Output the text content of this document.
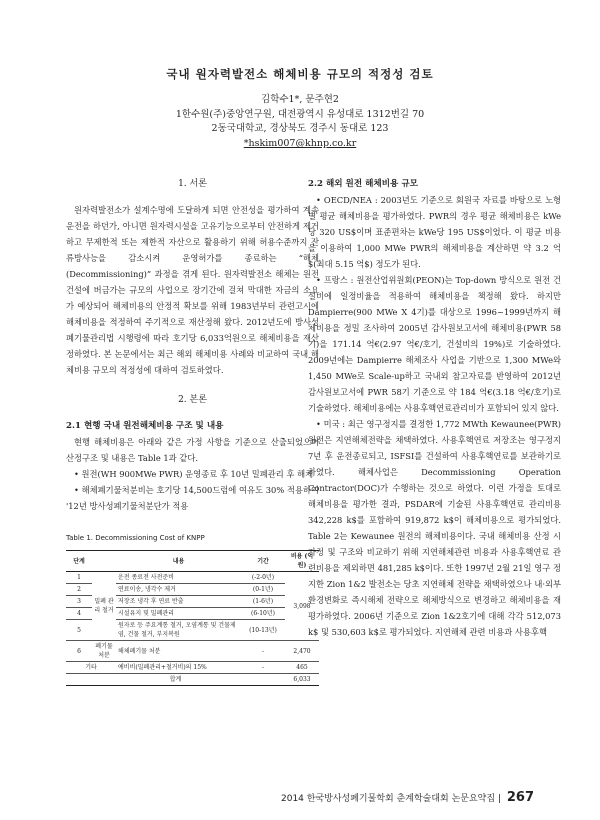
국내 원자력발전소 해체비용 규모의 적정성 검토
김학수1*, 문주현2
1한수원(주)중앙연구원, 대전광역시 유성대로 1312번길 70
2동국대학교, 경상북도 경주시 동대로 123
*hskim007@khnp.co.kr
1. 서론

원자력발전소가 설계수명에 도달하게 되면 안전성을 평가하여 계속운전을 하던가, 아니면 원자력시설을 고유기능으로부터 안전하게 제거하고 무제한적 또는 제한적 자산으로 활용하기 위해 허용수준까지 잔류방사능을 감소시켜 운영허가를 종료하는 “해체(Decommissioning)” 과정을 겪게 된다. 원자력발전소 해체는 원전건설에 버금가는 규모의 사업으로 장기간에 걸쳐 막대한 자금의 소요가 예상되어 해체비용의 안정적 확보를 위해 1983년부터 관련고시에 해체비용을 적정하여 주기적으로 재산정해 왔다. 2012년도에 방사성폐기물관리법 시행령에 따라 호기당 6,033억원으로 해체비용을 재산정하였다. 본 논문에서는 최근 해외 해체비용 사례와 비교하여 국내 해체비용 규모의 적정성에 대하여 검토하였다.

2. 본론
2.1 현행 국내 원전해체비용 구조 및 내용

현행 해체비용은 아래와 같은 가정 사항을 기준으로 산출되었으며 산정구조 및 내용은 Table 1과 같다.

• 원전(WH 900MWe PWR) 운영종료 후 10년 밀폐관리 후 해체

• 해체폐기물처분비는 호기당 14,500드럼에 여유도 30% 적용하여 '12년 방사성폐기물처분단가 적용

Table 1. Decommissioning Cost of KNPP
단계		내용	기간	비용 (억원)
1	밀폐 관리 철거	운전 종료전 사전준비	(-2-0년)	3,098
2		연료이송, 냉각수 제거	(0-1년)	
3		저장조 냉각 후 연료 반출	(1-6년)	
4		시설유지 및 밀폐관리	(6-10년)	
5		원자로 등 주요계통 철거, 오염계통 및 건물제염, 건물 철거, 부지복원	(10-13년)	
6	폐기물 처분	해체폐기물 처분	-	2,470
기타		예비비(밀폐관리+철거비)의 15%	-	465
합계				6,033
2.2 해외 원전 해체비용 규모

• OECD/NEA : 2003년도 기준으로 회원국 자료를 바탕으로 노형별 평균 해체비용을 평가하였다. PWR의 경우 평균 해체비용은 kWe당 320 US$이며 표준편차는 kWe당 195 US$이었다. 이 평균 비용을 이용하여 1,000 MWe PWR의 해체비용을 계산하면 약 3.2 억$(최대 5.15 억$) 정도가 된다.

• 프랑스 : 원전산업위원회(PEON)는 Top-down 방식으로 원전 건설비에 일정비율을 적용하여 해체비용을 책정해 왔다. 하지만 Dampierre(900 MWe X 4기)를 대상으로 1996~1999년까지 해체비용을 정밀 조사하여 2005년 감사원보고서에 해체비용(PWR 58기)을 171.14 억€(2.97 억€/호기, 건설비의 19%)로 기술하였다. 2009년에는 Dampierre 해체조사 사업을 기반으로 1,300 MWe와 1,450 MWe로 Scale-up하고 국내외 참고자료를 반영하여 2012년 감사원보고서에 PWR 58기 기준으로 약 184 억€(3.18 억€/호기)로 기술하였다. 해체비용에는 사용후핵연료관리비가 포함되어 있지 않다.

• 미국 : 최근 영구정지를 결정한 1,772 MWth Kewaunee(PWR) 원전은 지연해체전략을 채택하였다. 사용후핵연료 저장조는 영구정지 7년 후 운전종료되고, ISFSI를 건설하여 사용후핵연료를 보관하기로 하였다. 해체사업은 Decommissioning Operation Contractor(DOC)가 수행하는 것으로 하였다. 이런 가정을 토대로 해체비용을 평가한 결과, PSDAR에 기술된 사용후핵연료 관리비용 342,228 k$를 포함하여 919,872 k$이 해체비용으로 평가되었다. Table 2는 Kewaunee 원전의 해체비용이다. 국내 해체비용 산정 시 가정 및 구조와 비교하기 위해 지연해체관련 비용과 사용후핵연료 관련비용을 제외하면 481,285 k$이다. 또한 1997년 2월 21일 영구 정지한 Zion 1&2 발전소는 당초 지연해체 전략을 채택하였으나 내·외부 환경변화로 즉시해체 전략으로 해체방식으로 변경하고 해체비용을 재평가하였다. 2006년 기준으로 Zion 1&2호기에 대해 각각 512,073 k$ 및 530,603 k$로 평가되었다. 지연해체 관련 비용과 사용후핵

2014 한국방사성폐기물학회 춘계학술대회 논문요약집 | 267
